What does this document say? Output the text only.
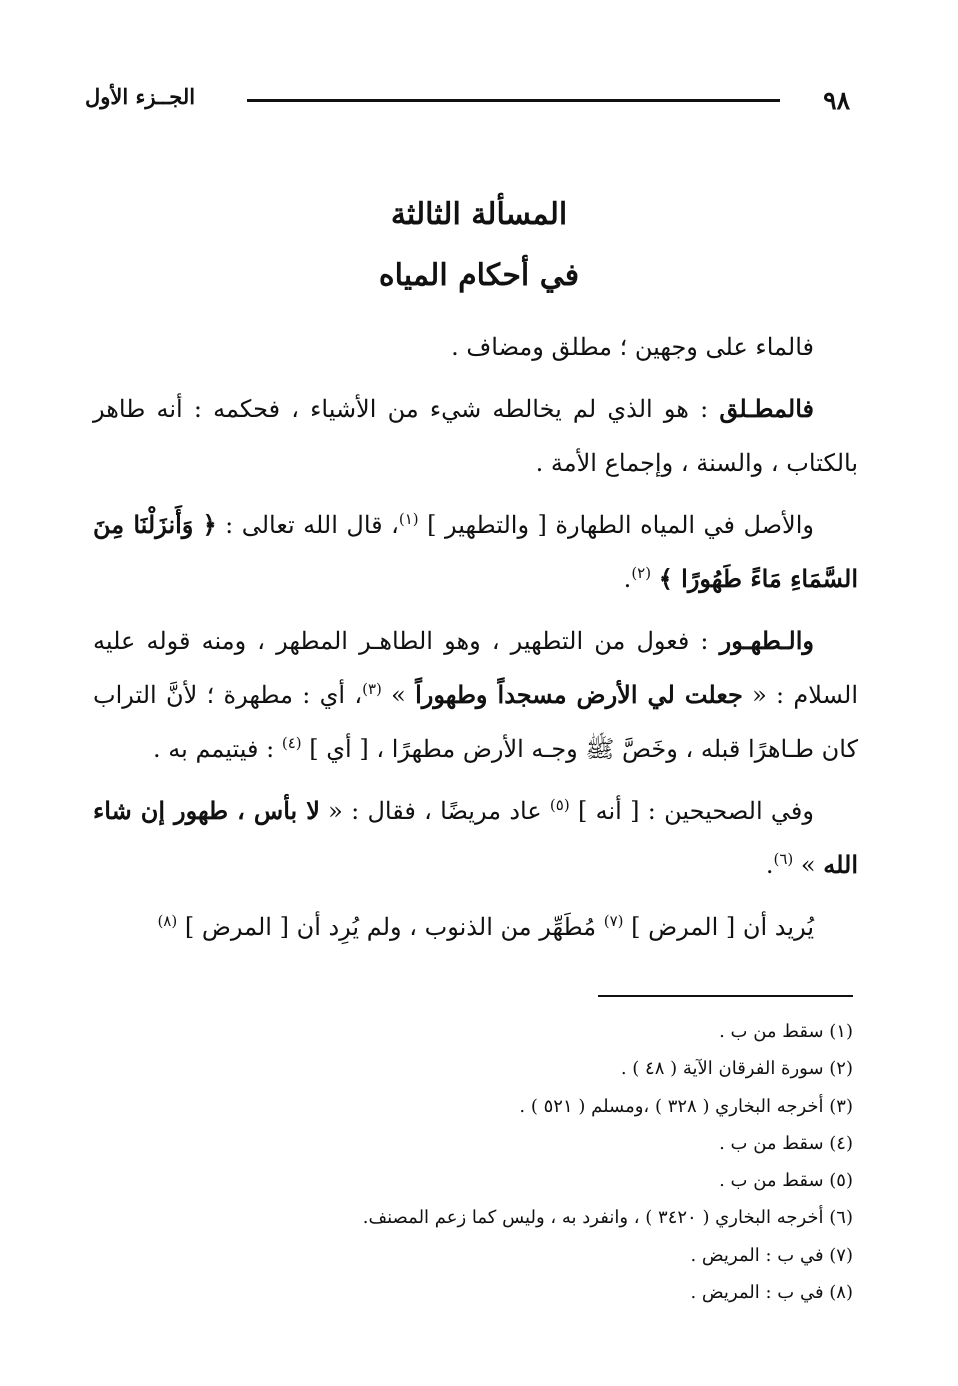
٩٨
الجــزء الأول
المسألة الثالثة
في أحكام المياه

فالماء على وجهين ؛ مطلق ومضاف .

فالمطـلق : هو الذي لم يخالطه شيء من الأشياء ، فحكمه : أنه طاهر بالكتاب ، والسنة ، وإجماع الأمة .

والأصل في المياه الطهارة [ والتطهير ] $^{(١)}$، قال الله تعالى : ﴿ وَأَنزَلْنَا مِنَ السَّمَاءِ مَاءً طَهُورًا ﴾ $^{(٢)}$.

والـطهـور : فعول من التطهير ، وهو الطاهـر المطهر ، ومنه قوله عليه السلام : « جعلت لي الأرض مسجداً وطهوراً » $^{(٣)}$، أي : مطهرة ؛ لأنَّ التراب كان طـاهرًا قبله ، وخَصَّ ﷺ وجـه الأرض مطهرًا ، [ أي ] $^{(٤)}$ : فيتيمم به .

وفي الصحيحين : [ أنه ] $^{(٥)}$ عاد مريضًا ، فقال : « لا بأس ، طهور إن شاء الله » $^{(٦)}$.

يُريد أن [ المرض ] $^{(٧)}$ مُطَهِّر من الذنوب ، ولم يُرِد أن [ المرض ] $^{(٨)}$

(١) سقط من ب .
(٢) سورة الفرقان الآية ( ٤٨ ) .
(٣) أخرجه البخاري ( ٣٢٨ ) ،ومسلم ( ٥٢١ ) .
(٤) سقط من ب .
(٥) سقط من ب .
(٦) أخرجه البخاري ( ٣٤٢٠ ) ، وانفرد به ، وليس كما زعم المصنف.
(٧) في ب : المريض .
(٨) في ب : المريض .
